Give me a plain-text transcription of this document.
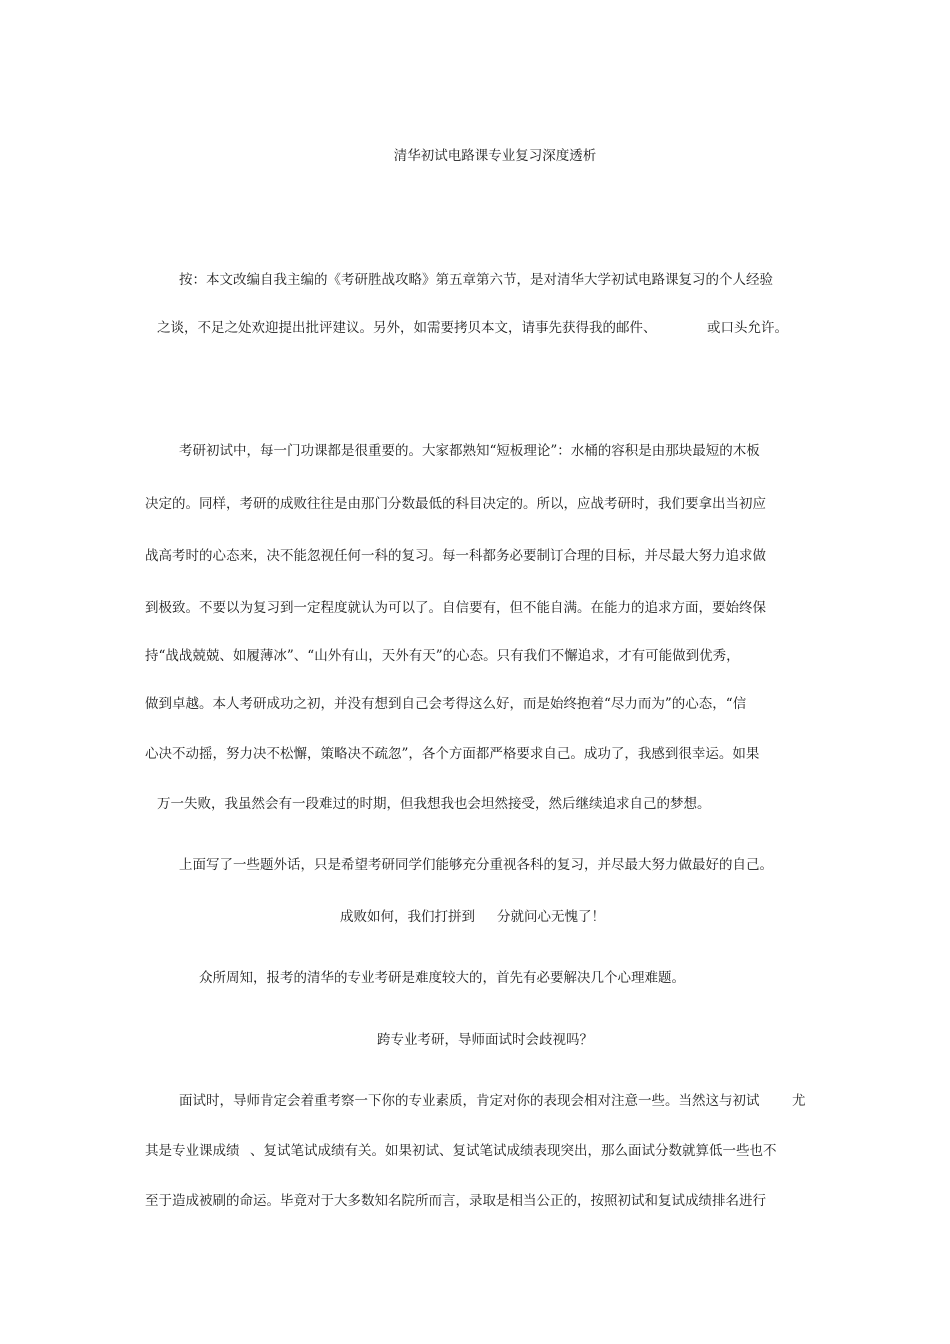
清华初试电路课专业复习深度透析

按：本文改编自我主编的《考研胜战攻略》第五章第六节，是对清华大学初试电路课复习的个人经验

之谈，不足之处欢迎提出批评建议。另外，如需要拷贝本文，请事先获得我的邮件、	或口头允许。

考研初试中，每一门功课都是很重要的。大家都熟知“短板理论”：水桶的容积是由那块最短的木板

决定的。同样，考研的成败往往是由那门分数最低的科目决定的。所以，应战考研时，我们要拿出当初应

战高考时的心态来，决不能忽视任何一科的复习。每一科都务必要制订合理的目标，并尽最大努力追求做

到极致。不要以为复习到一定程度就认为可以了。自信要有，但不能自满。在能力的追求方面，要始终保

持“战战兢兢、如履薄冰”、“山外有山，天外有天”的心态。只有我们不懈追求，才有可能做到优秀，

做到卓越。本人考研成功之初，并没有想到自己会考得这么好，而是始终抱着“尽力而为”的心态，“信

心决不动摇，努力决不松懈，策略决不疏忽”，各个方面都严格要求自己。成功了，我感到很幸运。如果

万一失败，我虽然会有一段难过的时期，但我想我也会坦然接受，然后继续追求自己的梦想。

上面写了一些题外话，只是希望考研同学们能够充分重视各科的复习，并尽最大努力做最好的自己。

成败如何，我们打拼到 分就问心无愧了！

众所周知，报考的清华的专业考研是难度较大的，首先有必要解决几个心理难题。

跨专业考研，导师面试时会歧视吗？

面试时，导师肯定会着重考察一下你的专业素质，肯定对你的表现会相对注意一些。当然这与初试 尤

其是专业课成绩 、复试笔试成绩有关。如果初试、复试笔试成绩表现突出，那么面试分数就算低一些也不

至于造成被刷的命运。毕竟对于大多数知名院所而言，录取是相当公正的，按照初试和复试成绩排名进行
